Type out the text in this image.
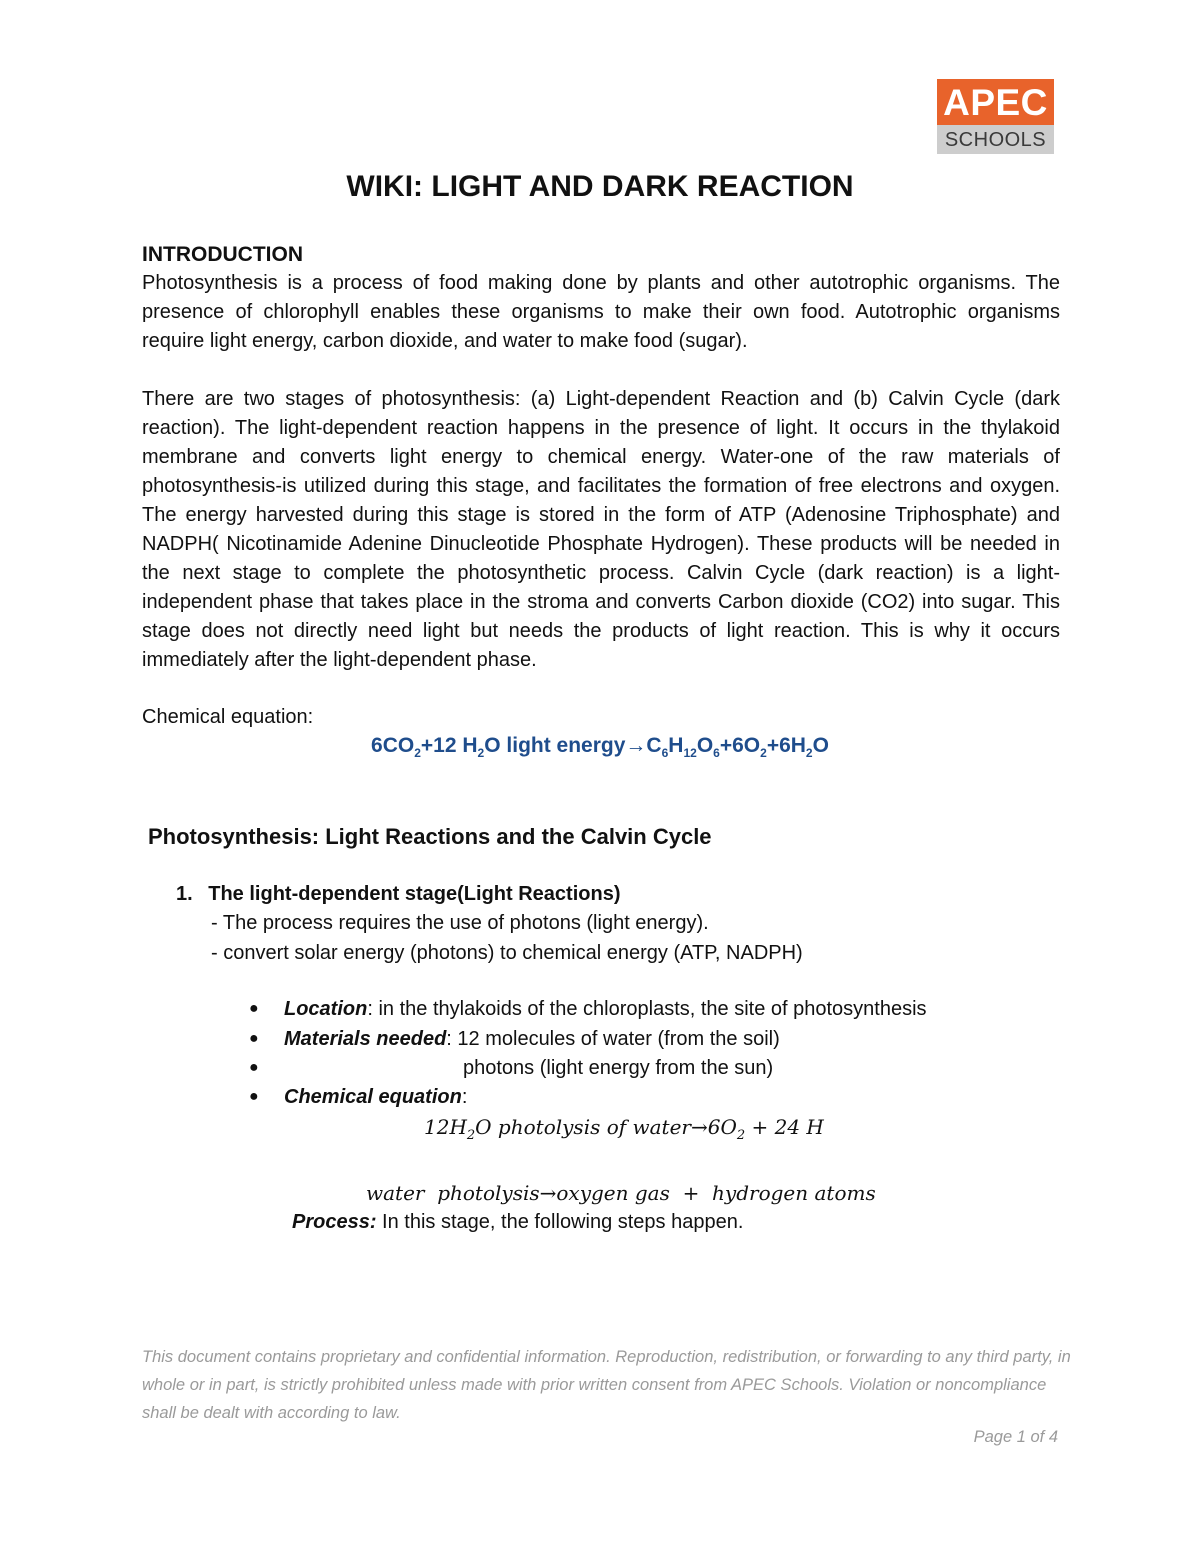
APEC
SCHOOLS
WIKI: LIGHT AND DARK REACTION
INTRODUCTION
Photosynthesis is a process of food making done by plants and other autotrophic organisms. The presence of chlorophyll enables these organisms to make their own food. Autotrophic organisms require light energy, carbon dioxide, and water to make food (sugar).
There are two stages of photosynthesis: (a) Light-dependent Reaction and (b) Calvin Cycle (dark reaction). The light-dependent reaction happens in the presence of light. It occurs in the thylakoid membrane and converts light energy to chemical energy. Water-one of the raw materials of photosynthesis-is utilized during this stage, and facilitates the formation of free electrons and oxygen. The energy harvested during this stage is stored in the form of ATP (Adenosine Triphosphate) and NADPH( Nicotinamide Adenine Dinucleotide Phosphate Hydrogen). These products will be needed in the next stage to complete the photosynthetic process. Calvin Cycle (dark reaction) is a light-independent phase that takes place in the stroma and converts Carbon dioxide (CO2) into sugar. This stage does not directly need light but needs the products of light reaction. This is why it occurs immediately after the light-dependent phase.
Chemical equation:
$6CO_2+12$ $H_2O$ light $energy\to C_6H_{12}O_6+6O_2+6H_2O$
Photosynthesis: Light Reactions and the Calvin Cycle
1. The light-dependent stage(Light Reactions)
- The process requires the use of photons (light energy).
- convert solar energy (photons) to chemical energy (ATP, NADPH)
● Location: in the thylakoids of the chloroplasts, the site of photosynthesis
● Materials needed: 12 molecules of water (from the soil)
●	photons (light energy from the sun)
● Chemical equation:
$12H_2O$ photolysis of $water\to 6O_2 + 24$ H
water  photolysis→oxygen gas  +  hydrogen atoms
Process: In this stage, the following steps happen.
This document contains proprietary and confidential information. Reproduction, redistribution, or forwarding to any third party, in whole or in part, is strictly prohibited unless made with prior written consent from APEC Schools. Violation or noncompliance shall be dealt with according to law.
Page 1 of 4
